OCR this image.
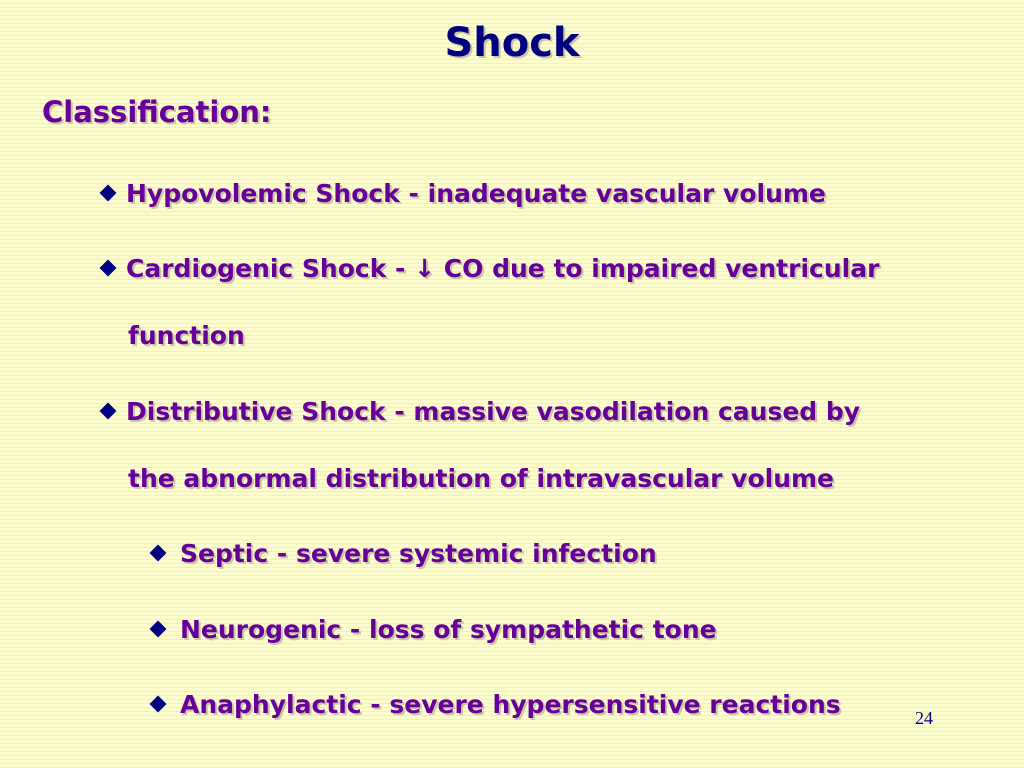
Shock
Classification:
Hypovolemic Shock - inadequate vascular volume
Cardiogenic Shock - ↓ CO due to impaired ventricular
function
Distributive Shock - massive vasodilation caused by
the abnormal distribution of intravascular volume
Septic - severe systemic infection
Neurogenic - loss of sympathetic tone
Anaphylactic - severe hypersensitive reactions	24
